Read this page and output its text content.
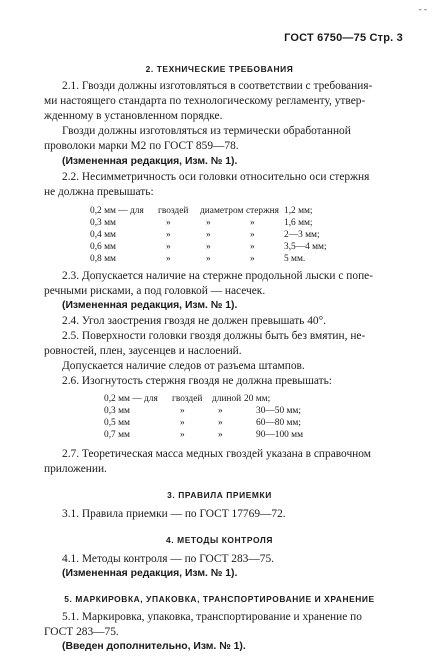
- -
ГОСТ 6750—75 Стр. 3
2. ТЕХНИЧЕСКИЕ ТРЕБОВАНИЯ
2.1. Гвозди должны изготовляться в соответствии с требования-
ми настоящего стандарта по технологическому регламенту, утвер-
жденному в установленном порядке.
Гвозди должны изготовляться из термически обработанной
проволоки марки М2 по ГОСТ 859—78.
(Измененная редакция, Изм. № 1).
2.2. Несимметричность оси головки относительно оси стержня
не должна превышать:
0,2 мм — для гвоздей диаметром стержня 1,2 мм;
0,3 мм	»	»	»	1,6 мм;
0,4 мм	»	»	»	2—3 мм;
0,6 мм	»	»	»	3,5—4 мм;
0,8 мм	»	»	»	5 мм.
2.3. Допускается наличие на стержне продольной лыски с попе-
речными рисками, а под головкой — насечек.
(Измененная редакция, Изм. № 1).
2.4. Угол заострения гвоздя не должен превышать 40°.
2.5. Поверхности головки гвоздя должны быть без вмятин, не-
ровностей, плен, заусенцев и наслоений.
Допускается наличие следов от разъема штампов.
2.6. Изогнутость стержня гвоздя не должна превышать:
0,2 мм — для гвоздей длиной 20 мм;
0,3 мм	»	»	30—50 мм;
0,5 мм	»	»	60—80 мм;
0,7 мм	»	»	90—100 мм
2.7. Теоретическая масса медных гвоздей указана в справочном
приложении.
3. ПРАВИЛА ПРИЕМКИ
3.1. Правила приемки — по ГОСТ 17769—72.
4. МЕТОДЫ КОНТРОЛЯ
4.1. Методы контроля — по ГОСТ 283—75.
(Измененная редакция, Изм. № 1).
5. МАРКИРОВКА, УПАКОВКА, ТРАНСПОРТИРОВАНИЕ И ХРАНЕНИЕ
5.1. Маркировка, упаковка, транспортирование и хранение по
ГОСТ 283—75.
(Введен дополнительно, Изм. № 1).
